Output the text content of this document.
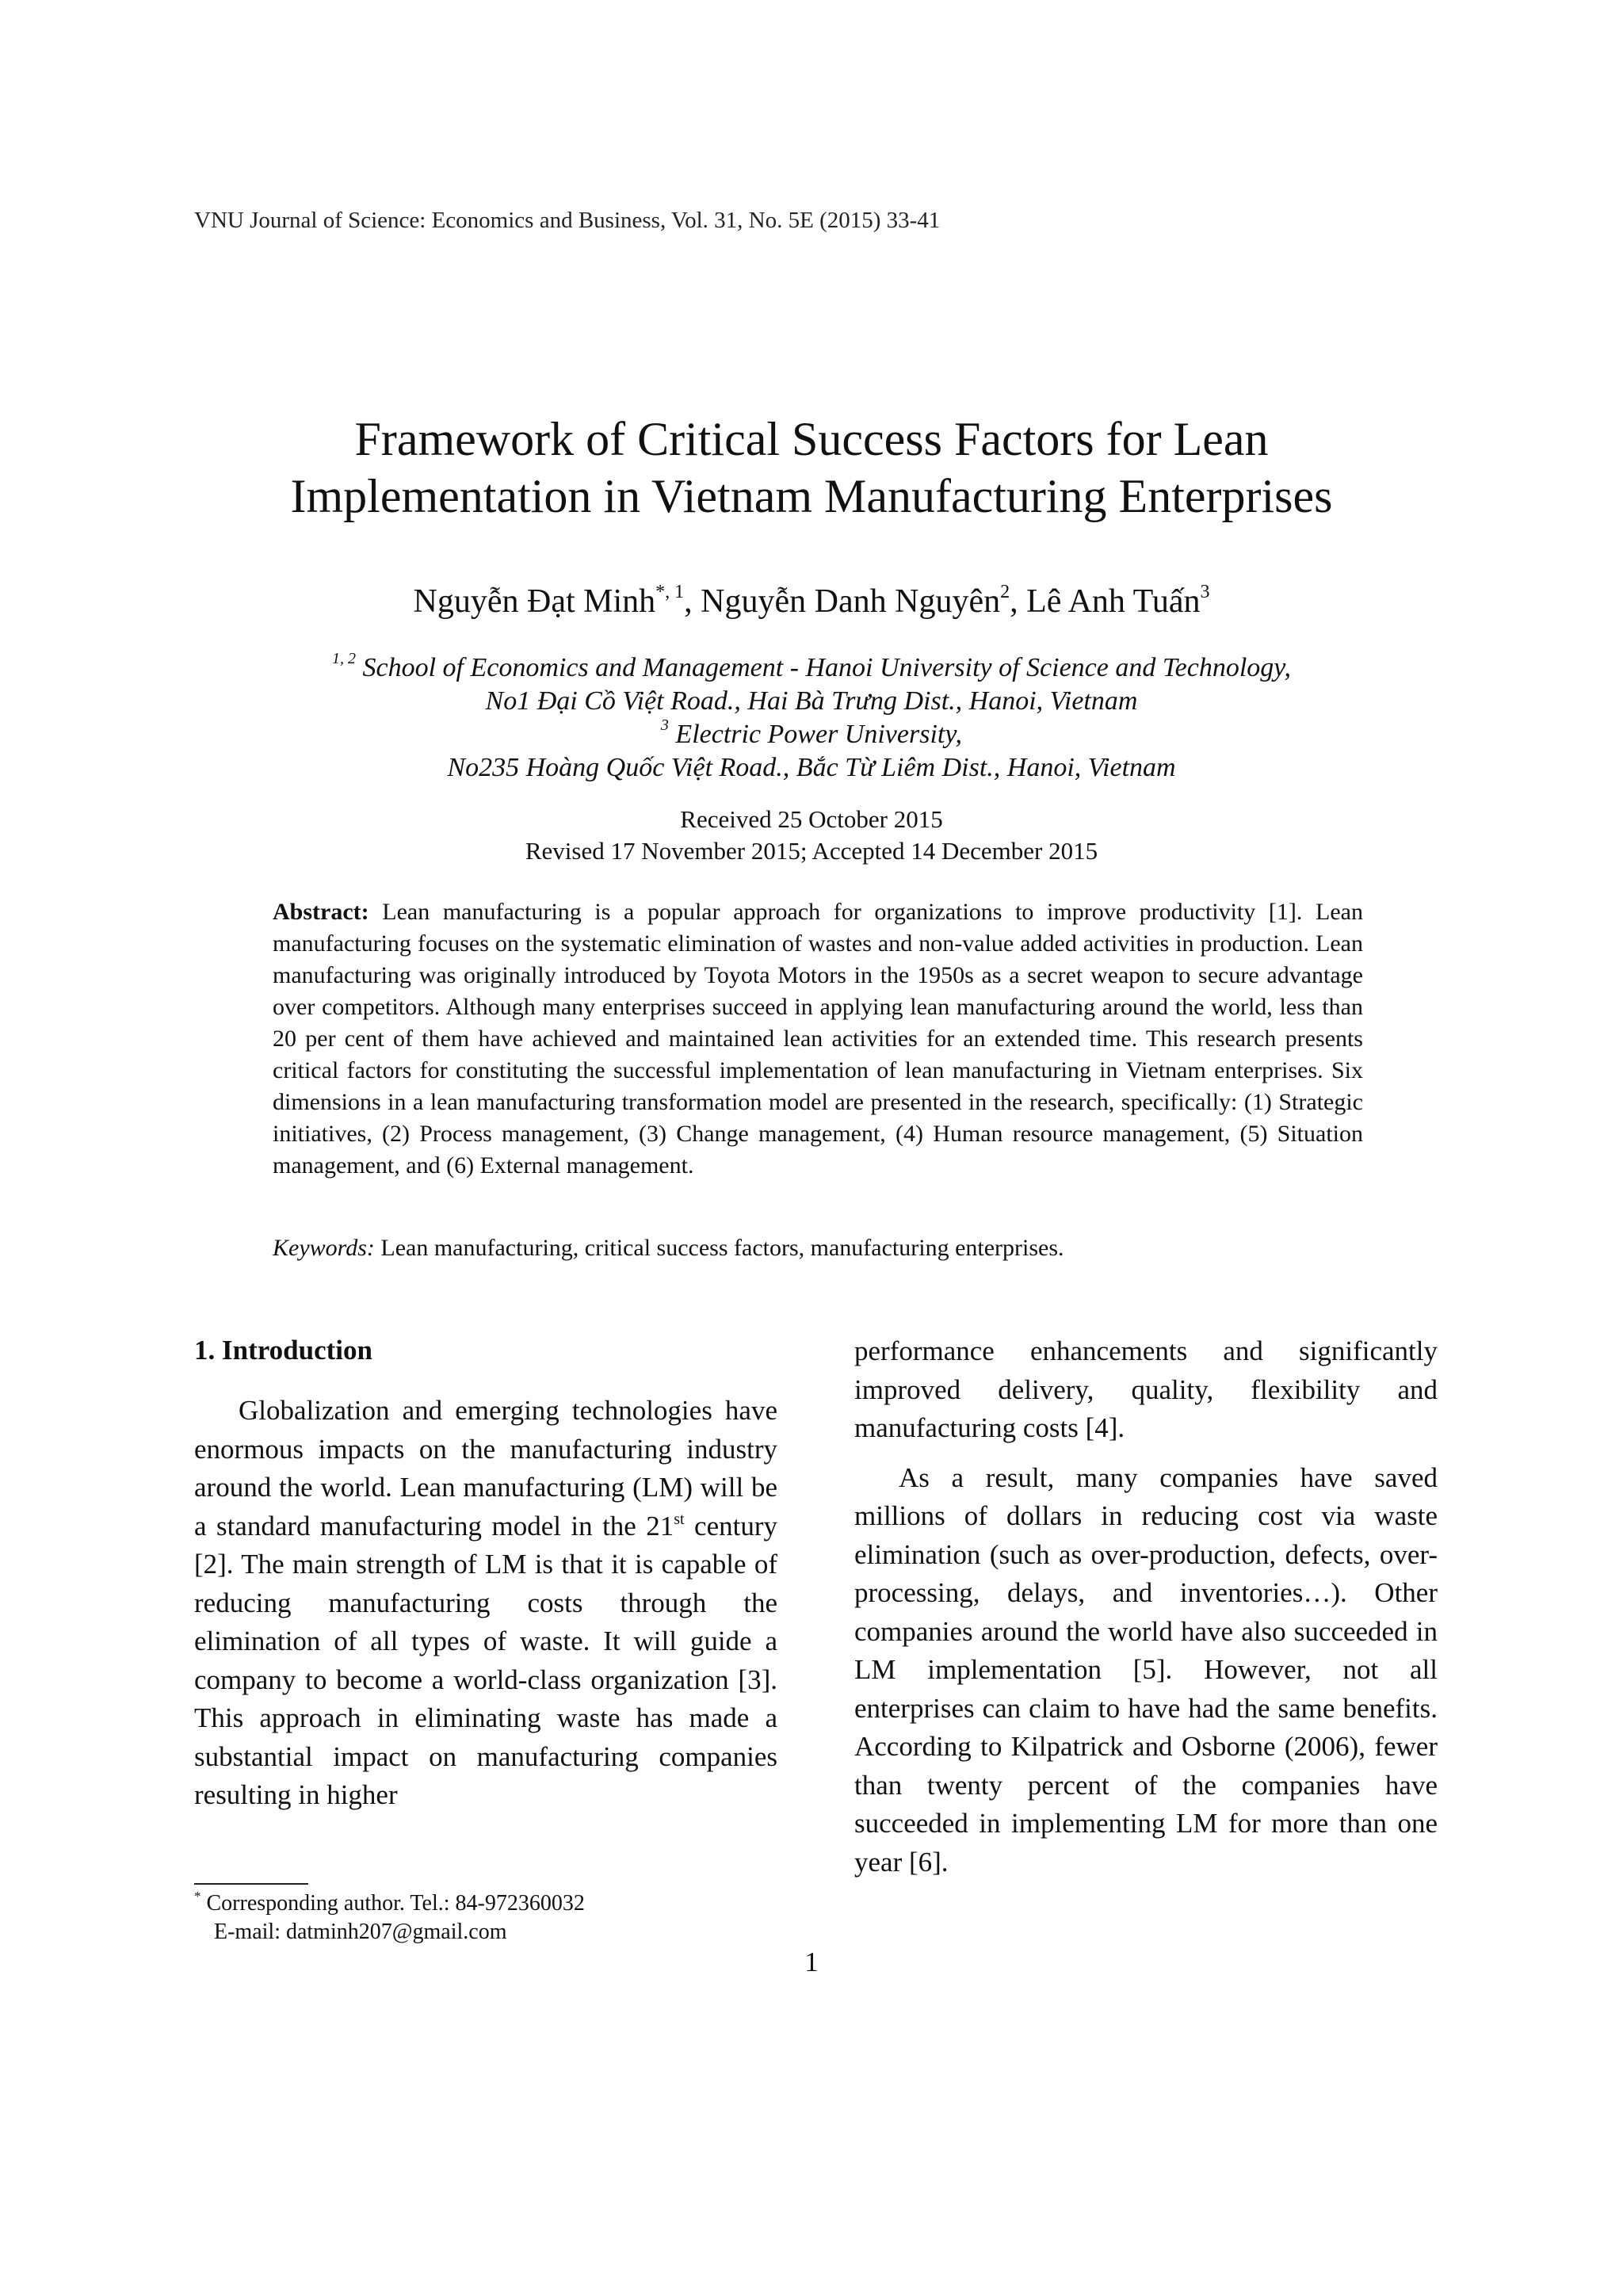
VNU Journal of Science: Economics and Business, Vol. 31, No. 5E (2015) 33-41
Framework of Critical Success Factors for Lean
Implementation in Vietnam Manufacturing Enterprises
Nguyễn Đạt Minh$^{*, 1}$, Nguyễn Danh Nguyên$^2$, Lê Anh Tuấn$^3$
$^{1, 2}$ School of Economics and Management - Hanoi University of Science and Technology,
No1 Đại Cồ Việt Road., Hai Bà Trưng Dist., Hanoi, Vietnam
$^3$ Electric Power University,
No235 Hoàng Quốc Việt Road., Bắc Từ Liêm Dist., Hanoi, Vietnam
Received 25 October 2015
Revised 17 November 2015; Accepted 14 December 2015
Abstract: Lean manufacturing is a popular approach for organizations to improve productivity [1]. Lean manufacturing focuses on the systematic elimination of wastes and non-value added activities in production. Lean manufacturing was originally introduced by Toyota Motors in the 1950s as a secret weapon to secure advantage over competitors. Although many enterprises succeed in applying lean manufacturing around the world, less than 20 per cent of them have achieved and maintained lean activities for an extended time. This research presents critical factors for constituting the successful implementation of lean manufacturing in Vietnam enterprises. Six dimensions in a lean manufacturing transformation model are presented in the research, specifically: (1) Strategic initiatives, (2) Process management, (3) Change management, (4) Human resource management, (5) Situation management, and (6) External management.
Keywords: Lean manufacturing, critical success factors, manufacturing enterprises.
1. Introduction

Globalization and emerging technologies have enormous impacts on the manufacturing industry around the world. Lean manufacturing (LM) will be a standard manufacturing model in the 21st century [2]. The main strength of LM is that it is capable of reducing manufacturing costs through the elimination of all types of waste. It will guide a company to become a world-class organization [3]. This approach in eliminating waste has made a substantial impact on manufacturing companies resulting in higher

performance enhancements and significantly improved delivery, quality, flexibility and manufacturing costs [4].

As a result, many companies have saved millions of dollars in reducing cost via waste elimination (such as over-production, defects, over-processing, delays, and inventories…). Other companies around the world have also succeeded in LM implementation [5]. However, not all enterprises can claim to have had the same benefits. According to Kilpatrick and Osborne (2006), fewer than twenty percent of the companies have succeeded in implementing LM for more than one year [6].

* Corresponding author. Tel.: 84-972360032
E-mail: datminh207@gmail.com
1
